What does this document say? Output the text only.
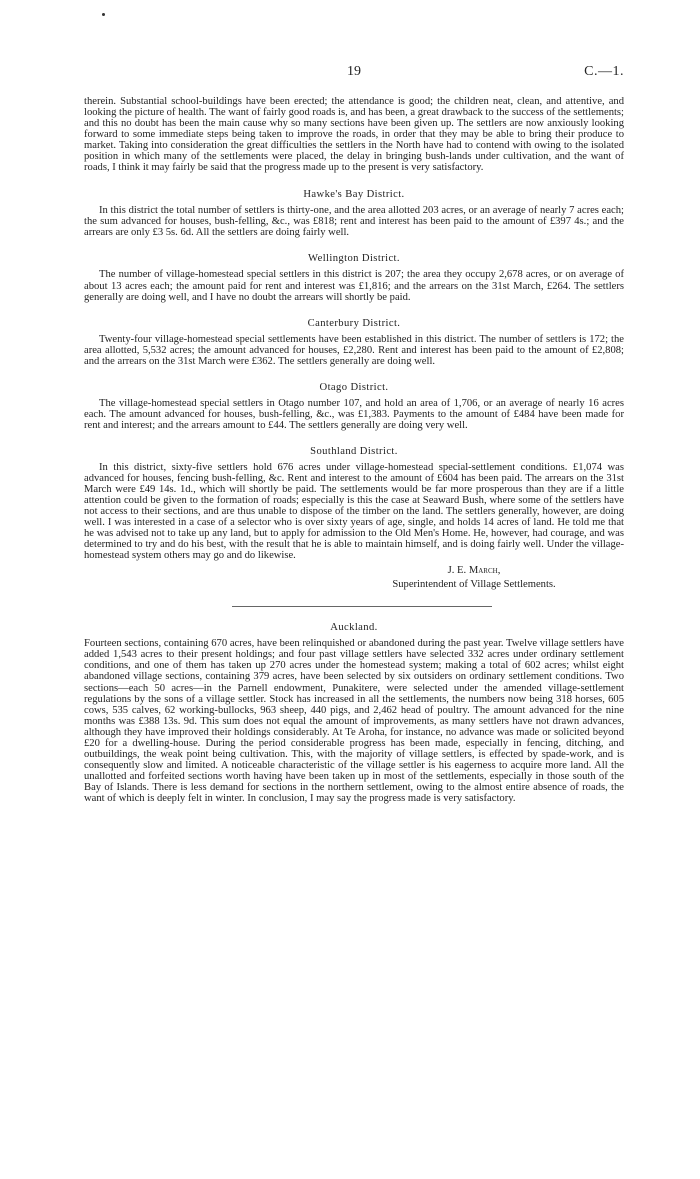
19	C.—1.

therein. Substantial school-buildings have been erected; the attendance is good; the children neat, clean, and attentive, and looking the picture of health. The want of fairly good roads is, and has been, a great drawback to the success of the settlements; and this no doubt has been the main cause why so many sections have been given up. The settlers are now anxiously looking forward to some immediate steps being taken to improve the roads, in order that they may be able to bring their produce to market. Taking into consideration the great difficulties the settlers in the North have had to contend with owing to the isolated position in which many of the settlements were placed, the delay in bringing bush-lands under cultivation, and the want of roads, I think it may fairly be said that the progress made up to the present is very satisfactory.

Hawke's Bay District.

In this district the total number of settlers is thirty-one, and the area allotted 203 acres, or an average of nearly 7 acres each; the sum advanced for houses, bush-felling, &c., was £818; rent and interest has been paid to the amount of £397 4s.; and the arrears are only £3 5s. 6d. All the settlers are doing fairly well.

Wellington District.

The number of village-homestead special settlers in this district is 207; the area they occupy 2,678 acres, or on average of about 13 acres each; the amount paid for rent and interest was £1,816; and the arrears on the 31st March, £264. The settlers generally are doing well, and I have no doubt the arrears will shortly be paid.

Canterbury District.

Twenty-four village-homestead special settlements have been established in this district. The number of settlers is 172; the area allotted, 5,532 acres; the amount advanced for houses, £2,280. Rent and interest has been paid to the amount of £2,808; and the arrears on the 31st March were £362. The settlers generally are doing well.

Otago District.

The village-homestead special settlers in Otago number 107, and hold an area of 1,706, or an average of nearly 16 acres each. The amount advanced for houses, bush-felling, &c., was £1,383. Payments to the amount of £484 have been made for rent and interest; and the arrears amount to £44. The settlers generally are doing very well.

Southland District.

In this district, sixty-five settlers hold 676 acres under village-homestead special-settlement conditions. £1,074 was advanced for houses, fencing bush-felling, &c. Rent and interest to the amount of £604 has been paid. The arrears on the 31st March were £49 14s. 1d., which will shortly be paid. The settlements would be far more prosperous than they are if a little attention could be given to the formation of roads; especially is this the case at Seaward Bush, where some of the settlers have not access to their sections, and are thus unable to dispose of the timber on the land. The settlers generally, however, are doing well. I was interested in a case of a selector who is over sixty years of age, single, and holds 14 acres of land. He told me that he was advised not to take up any land, but to apply for admission to the Old Men's Home. He, however, had courage, and was determined to try and do his best, with the result that he is able to maintain himself, and is doing fairly well. Under the village-homestead system others may go and do likewise.

J. E. March,
Superintendent of Village Settlements.
Auckland.

Fourteen sections, containing 670 acres, have been relinquished or abandoned during the past year. Twelve village settlers have added 1,543 acres to their present holdings; and four past village settlers have selected 332 acres under ordinary settlement conditions, and one of them has taken up 270 acres under the homestead system; making a total of 602 acres; whilst eight abandoned village sections, containing 379 acres, have been selected by six outsiders on ordinary settlement conditions. Two sections—each 50 acres—in the Parnell endowment, Punakitere, were selected under the amended village-settlement regulations by the sons of a village settler. Stock has increased in all the settlements, the numbers now being 318 horses, 605 cows, 535 calves, 62 working-bullocks, 963 sheep, 440 pigs, and 2,462 head of poultry. The amount advanced for the nine months was £388 13s. 9d. This sum does not equal the amount of improvements, as many settlers have not drawn advances, although they have improved their holdings considerably. At Te Aroha, for instance, no advance was made or solicited beyond £20 for a dwelling-house. During the period considerable progress has been made, especially in fencing, ditching, and outbuildings, the weak point being cultivation. This, with the majority of village settlers, is effected by spade-work, and is consequently slow and limited. A noticeable characteristic of the village settler is his eagerness to acquire more land. All the unallotted and forfeited sections worth having have been taken up in most of the settlements, especially in those south of the Bay of Islands. There is less demand for sections in the northern settlement, owing to the almost entire absence of roads, the want of which is deeply felt in winter. In conclusion, I may say the progress made is very satisfactory.
